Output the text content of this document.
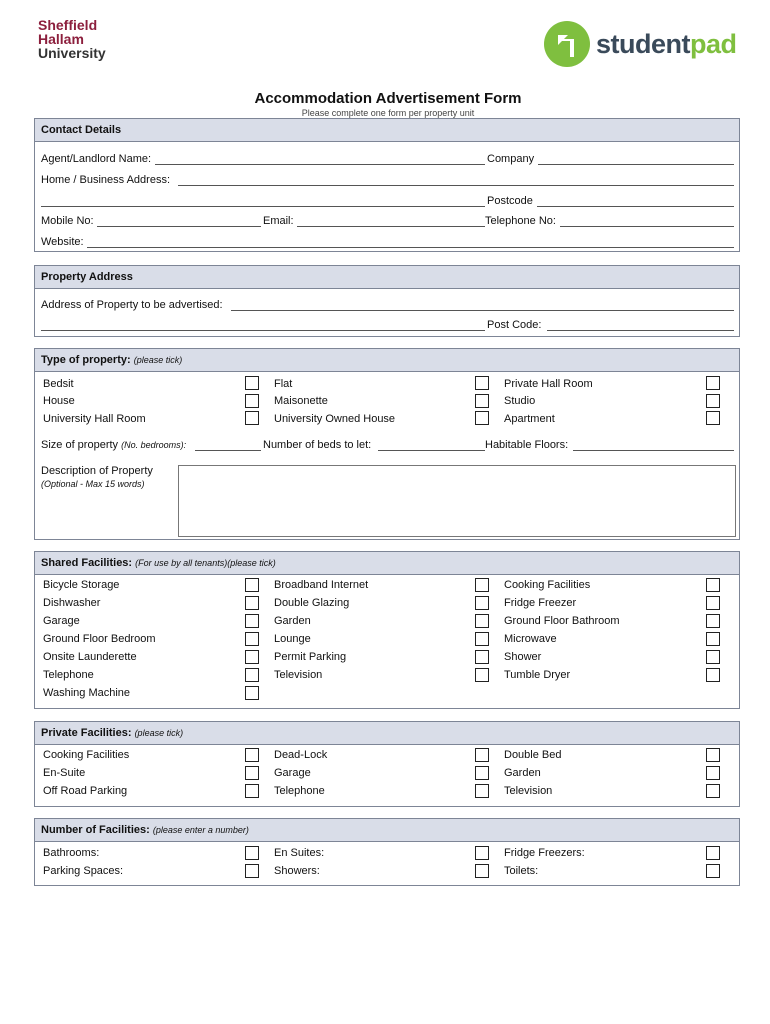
Sheffield
Hallam
University	studentpad
Accommodation Advertisement Form
Please complete one form per property unit
Contact Details
Agent/Landlord Name:	Company
Home / Business Address:
Postcode
Mobile No:	Email:	Telephone No:
Website:
Property Address
Address of Property to be advertised:
Post Code:
Type of property: (please tick)
Bedsit	Flat	Private Hall Room
House	Maisonette	Studio
University Hall Room	University Owned House	Apartment
Size of property (No. bedrooms):	Number of beds to let:	Habitable Floors:
Description of Property
(Optional - Max 15 words)
Shared Facilities: (For use by all tenants)(please tick)
Bicycle Storage	Broadband Internet	Cooking Facilities
Dishwasher	Double Glazing	Fridge Freezer
Garage	Garden	Ground Floor Bathroom
Ground Floor Bedroom	Lounge	Microwave
Onsite Launderette	Permit Parking	Shower
Telephone	Television	Tumble Dryer
Washing Machine
Private Facilities: (please tick)
Cooking Facilities	Dead-Lock	Double Bed
En-Suite	Garage	Garden
Off Road Parking	Telephone	Television
Number of Facilities: (please enter a number)
Bathrooms:	En Suites:	Fridge Freezers:
Parking Spaces:	Showers:	Toilets:
